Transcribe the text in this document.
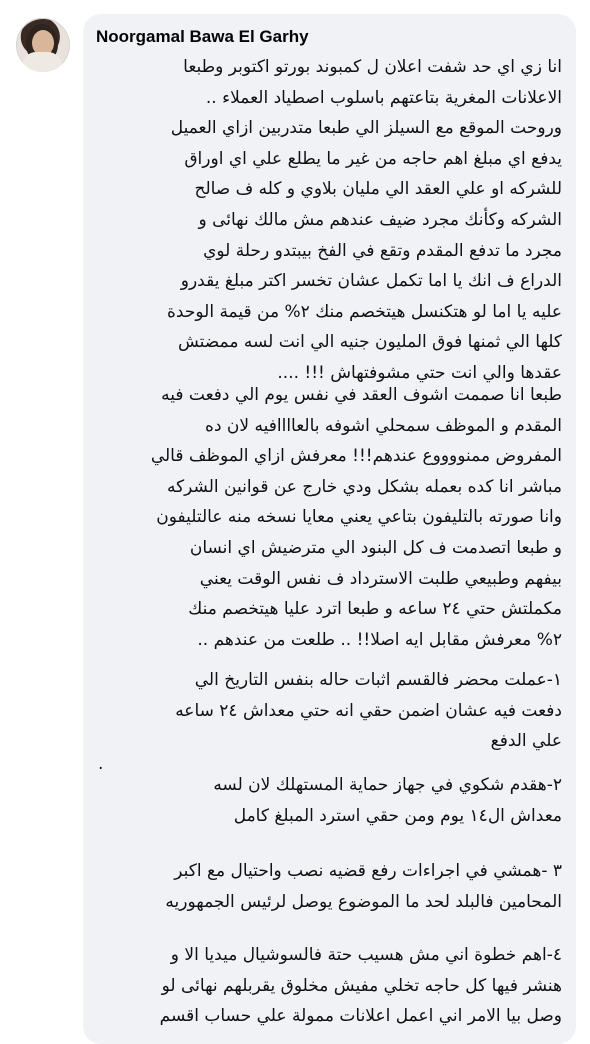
Noorgamal Bawa El Garhy
انا زي اي حد شفت اعلان ل كمبوند بورتو اكتوبر وطبعا
الاعلانات المغرية بتاعتهم باسلوب اصطياد العملاء ..
وروحت الموقع مع السيلز الي طبعا متدربين ازاي العميل
يدفع اي مبلغ اهم حاجه من غير ما يطلع علي اي اوراق
للشركه او علي العقد الي مليان بلاوي و كله ف صالح
الشركه وكأنك مجرد ضيف عندهم مش مالك نهائى و
مجرد ما تدفع المقدم وتقع في الفخ بيبتدو رحلة لوي
الدراع ف انك يا اما تكمل عشان تخسر اكتر مبلغ يقدرو
عليه يا اما لو هتكنسل هيتخصم منك ٢% من قيمة الوحدة
كلها الي ثمنها فوق المليون جنيه الي انت لسه ممضتش
عقدها والي انت حتي مشوفتهاش !!! ....
طبعا انا صممت اشوف العقد في نفس يوم الي دفعت فيه
المقدم و الموظف سمحلي اشوفه بالعاااافيه لان ده
المفروض ممنووووع عندهم!!! معرفش ازاي الموظف قالي
مباشر انا كده بعمله بشكل ودي خارج عن قوانين الشركه
وانا صورته بالتليفون بتاعي يعني معايا نسخه منه عالتليفون
و طبعا اتصدمت ف كل البنود الي مترضيش اي انسان
بيفهم وطبيعي طلبت الاسترداد ف نفس الوقت يعني
مكملتش حتي ٢٤ ساعه و طبعا اترد عليا هيتخصم منك
٢% معرفش مقابل ايه اصلا!! .. طلعت من عندهم ..
١-عملت محضر فالقسم اثبات حاله بنفس التاريخ الي
دفعت فيه عشان اضمن حقي انه حتي معداش ٢٤ ساعه
علي الدفع
.
٢-هقدم شكوي في جهاز حماية المستهلك لان لسه
معداش ال١٤ يوم ومن حقي استرد المبلغ كامل
٣ -همشي في اجراءات رفع قضيه نصب واحتيال مع اكبر
المحامين فالبلد لحد ما الموضوع يوصل لرئيس الجمهوريه
٤-اهم خطوة اني مش هسيب حتة فالسوشيال ميديا الا و
هنشر فيها كل حاجه تخلي مفيش مخلوق يقربلهم نهائى لو
وصل بيا الامر اني اعمل اعلانات ممولة علي حساب اقسم
